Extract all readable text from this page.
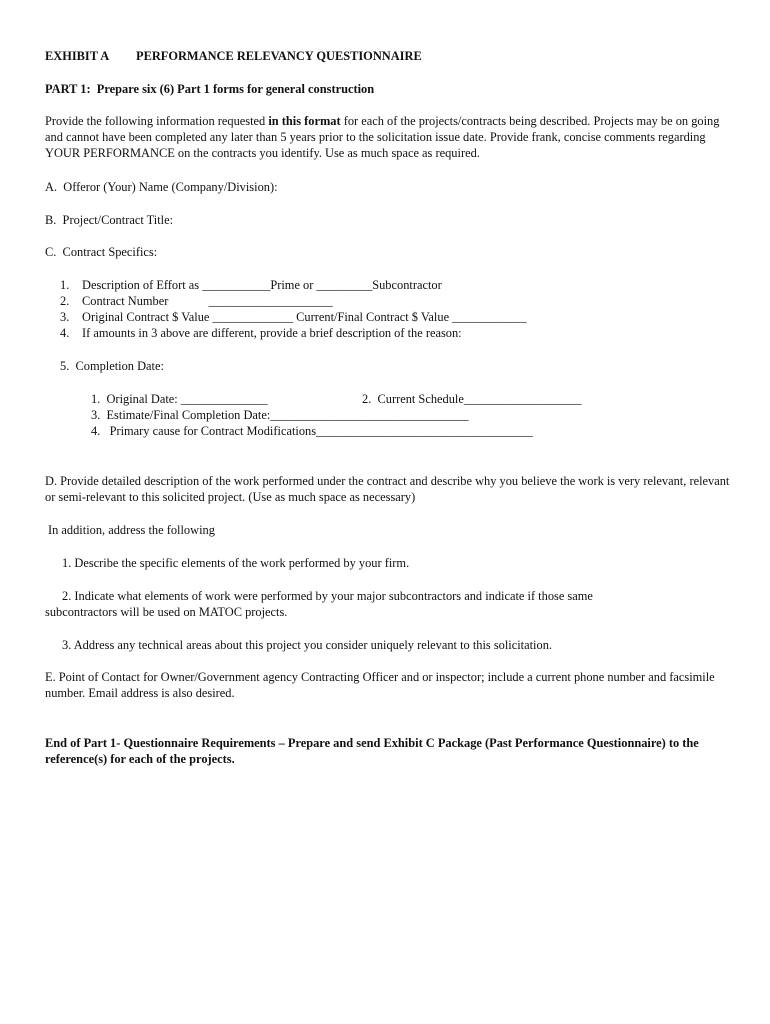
EXHIBIT A PERFORMANCE RELEVANCY QUESTIONNAIRE
PART 1:  Prepare six (6) Part 1 forms for general construction

Provide the following information requested in this format for each of the projects/contracts being described. Projects may be on going and cannot have been completed any later than 5 years prior to the solicitation issue date. Provide frank, concise comments regarding YOUR PERFORMANCE on the contracts you identify. Use as much space as required.

A.  Offeror (Your) Name (Company/Division):
B.  Project/Contract Title:
C.  Contract Specifics:
1. Description of Effort as ___________Prime or _________Subcontractor
2. Contract Number             ____________________
3. Original Contract $ Value _____________ Current/Final Contract $ Value ____________
4. If amounts in 3 above are different, provide a brief description of the reason:
5.  Completion Date:
1.  Original Date: ______________	2.  Current Schedule___________________
3.  Estimate/Final Completion Date:________________________________
4.   Primary cause for Contract Modifications___________________________________

D. Provide detailed description of the work performed under the contract and describe why you believe the work is very relevant, relevant or semi-relevant to this solicited project. (Use as much space as necessary)

In addition, address the following
1. Describe the specific elements of the work performed by your firm.
2. Indicate what elements of work were performed by your major subcontractors and indicate if those same
subcontractors will be used on MATOC projects.
3. Address any technical areas about this project you consider uniquely relevant to this solicitation.

E. Point of Contact for Owner/Government agency Contracting Officer and or inspector; include a current phone number and facsimile number. Email address is also desired.

End of Part 1- Questionnaire Requirements – Prepare and send Exhibit C Package (Past Performance Questionnaire) to the reference(s) for each of the projects.
